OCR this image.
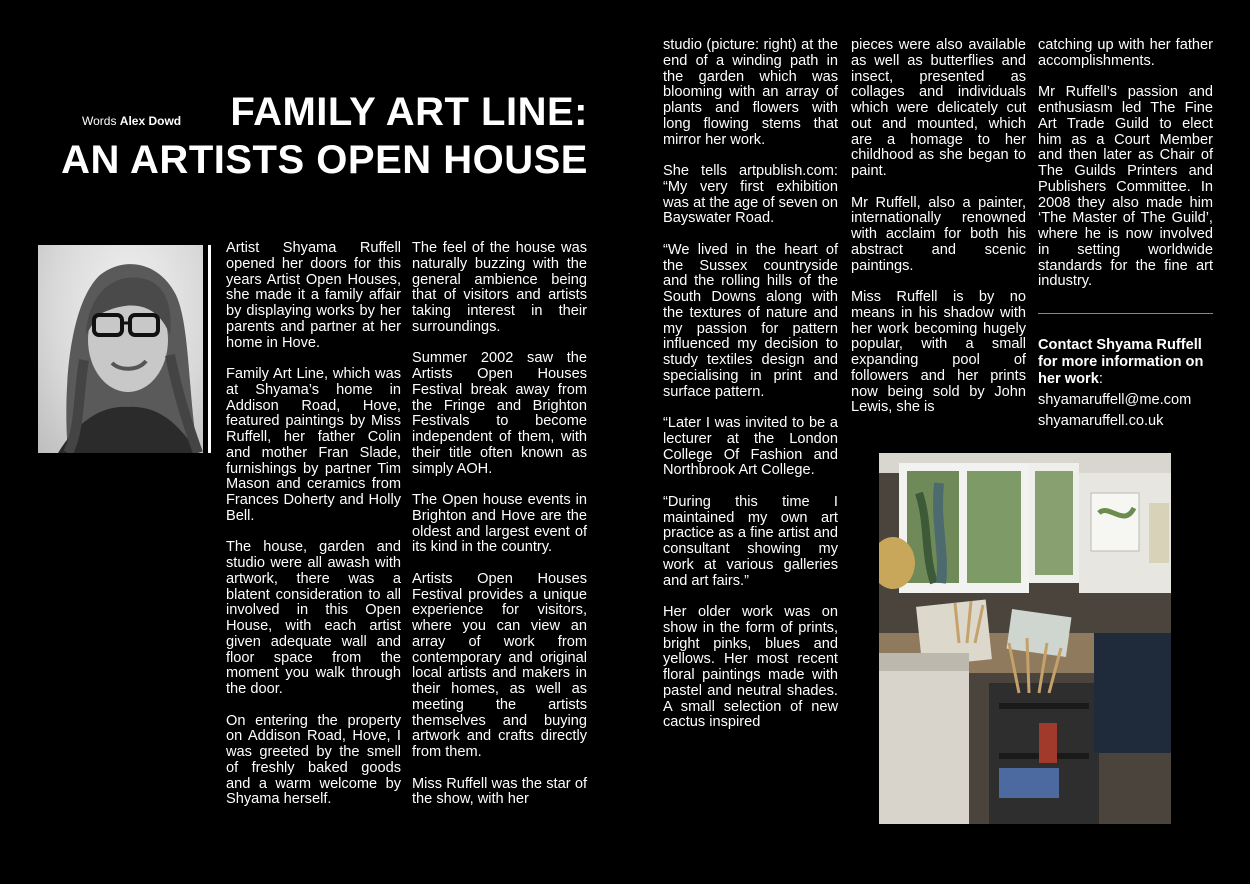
Words Alex Dowd	FAMILY ART LINE:
AN ARTISTS OPEN HOUSE

Artist Shyama Ruffell opened her doors for this years Artist Open Houses, she made it a family affair by displaying works by her parents and partner at her home in Hove.

Family Art Line, which was at Shyama’s home in Addison Road, Hove, featured paintings by Miss Ruffell, her father Colin and mother Fran Slade, furnishings by partner Tim Mason and ceramics from Frances Doherty and Holly Bell.

The house, garden and studio were all awash with artwork, there was a blatent consideration to all involved in this Open House, with each artist given adequate wall and floor space from the moment you walk through the door.

On entering the property on Addison Road, Hove, I was greeted by the smell of freshly baked goods and a warm welcome by Shyama herself.

The feel of the house was naturally buzzing with the general ambience being that of visitors and artists taking interest in their surroundings.

Summer 2002 saw the Artists Open Houses Festival break away from the Fringe and Brighton Festivals to become independent of them, with their title often known as simply AOH.

The Open house events in Brighton and Hove are the oldest and largest event of its kind in the country.

Artists Open Houses Festival provides a unique experience for visitors, where you can view an array of work from contemporary and original local artists and makers in their homes, as well as meeting the artists themselves and buying artwork and crafts directly from them.

Miss Ruffell was the star of the show, with her

studio (picture: right) at the end of a winding path in the garden which was blooming with an array of plants and flowers with long flowing stems that mirror her work.

She tells artpublish.com: “My very first exhibition was at the age of seven on Bayswater Road.

“We lived in the heart of the Sussex countryside and the rolling hills of the South Downs along with the textures of nature and my passion for pattern influenced my decision to study textiles design and specialising in print and surface pattern.

“Later I was invited to be a lecturer at the London College Of Fashion and Northbrook Art College.

“During this time I maintained my own art practice as a fine artist and consultant showing my work at various galleries and art fairs.”

Her older work was on show in the form of prints, bright pinks, blues and yellows. Her most recent floral paintings made with pastel and neutral shades. A small selection of new cactus inspired

pieces were also available as well as butterflies and insect, presented as collages and individuals which were delicately cut out and mounted, which are a homage to her childhood as she began to paint.

Mr Ruffell, also a painter, internationally renowned with acclaim for both his abstract and scenic paintings.

Miss Ruffell is by no means in his shadow with her work becoming hugely popular, with a small expanding pool of followers and her prints now being sold by John Lewis, she is

catching up with her father accomplishments.

Mr Ruffell’s passion and enthusiasm led The Fine Art Trade Guild to elect him as a Court Member and then later as Chair of The Guilds Printers and Publishers Committee. In 2008 they also made him ‘The Master of The Guild’, where he is now involved in setting worldwide standards for the fine art industry.

Contact Shyama Ruffell for more information on her work:
shyamaruffell@me.com
shyamaruffell.co.uk
